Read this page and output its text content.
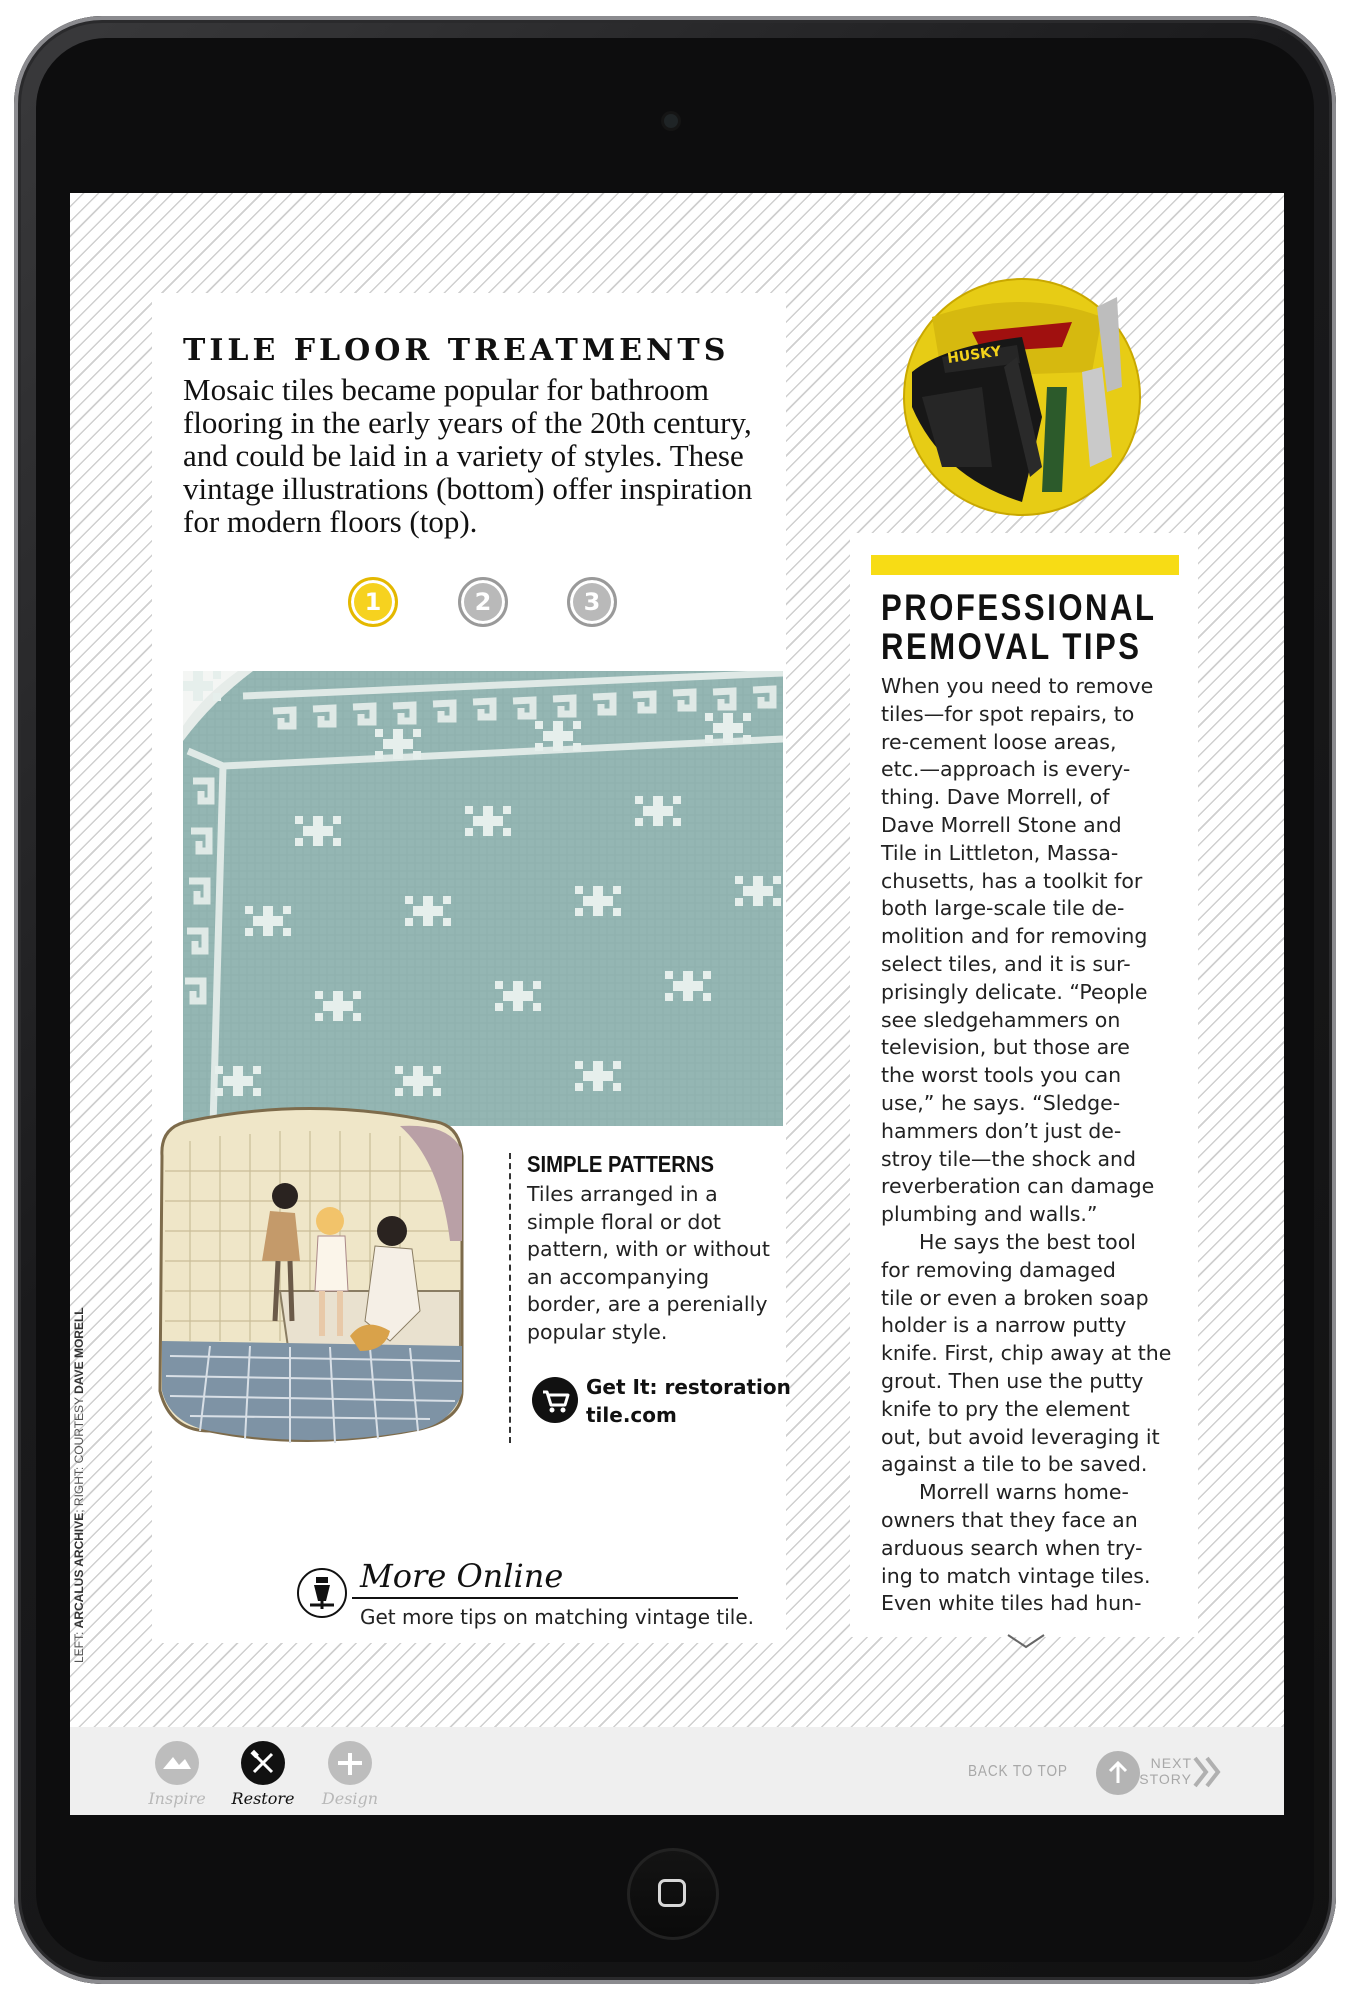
TILE FLOOR TREATMENTS

Mosaic tiles became popular for bathroom flooring in the early years of the 20th century, and could be laid in a variety of styles. These vintage illustrations (bottom) offer inspiration for modern floors (top).

1	2	3
SIMPLE PATTERNS

Tiles arranged in a simple floral or dot pattern, with or without an accompanying border, are a perenially popular style.

Get It: restoration tile.com

More Online

Get more tips on matching vintage tile.

LEFT: ARCALUS ARCHIVE; RIGHT: COURTESY DAVE MORELL
HUSKY
PROFESSIONAL
REMOVAL TIPS

When you need to remove
tiles—for spot repairs, to
re-cement loose areas,
etc.—approach is every-
thing. Dave Morrell, of
Dave Morrell Stone and
Tile in Littleton, Massa-
chusetts, has a toolkit for
both large-scale tile de-
molition and for removing
select tiles, and it is sur-
prisingly delicate. “People
see sledgehammers on
television, but those are
the worst tools you can
use,” he says. “Sledge-
hammers don’t just de-
stroy tile—the shock and
reverberation can damage
plumbing and walls.”

He says the best tool
for removing damaged
tile or even a broken soap
holder is a narrow putty
knife. First, chip away at the
grout. Then use the putty
knife to pry the element
out, but avoid leveraging it
against a tile to be saved.

Morrell warns home-
owners that they face an
arduous search when try-
ing to match vintage tiles.
Even white tiles had hun-

Inspire	Restore	Design
BACK TO TOP	NEXT
STORY
